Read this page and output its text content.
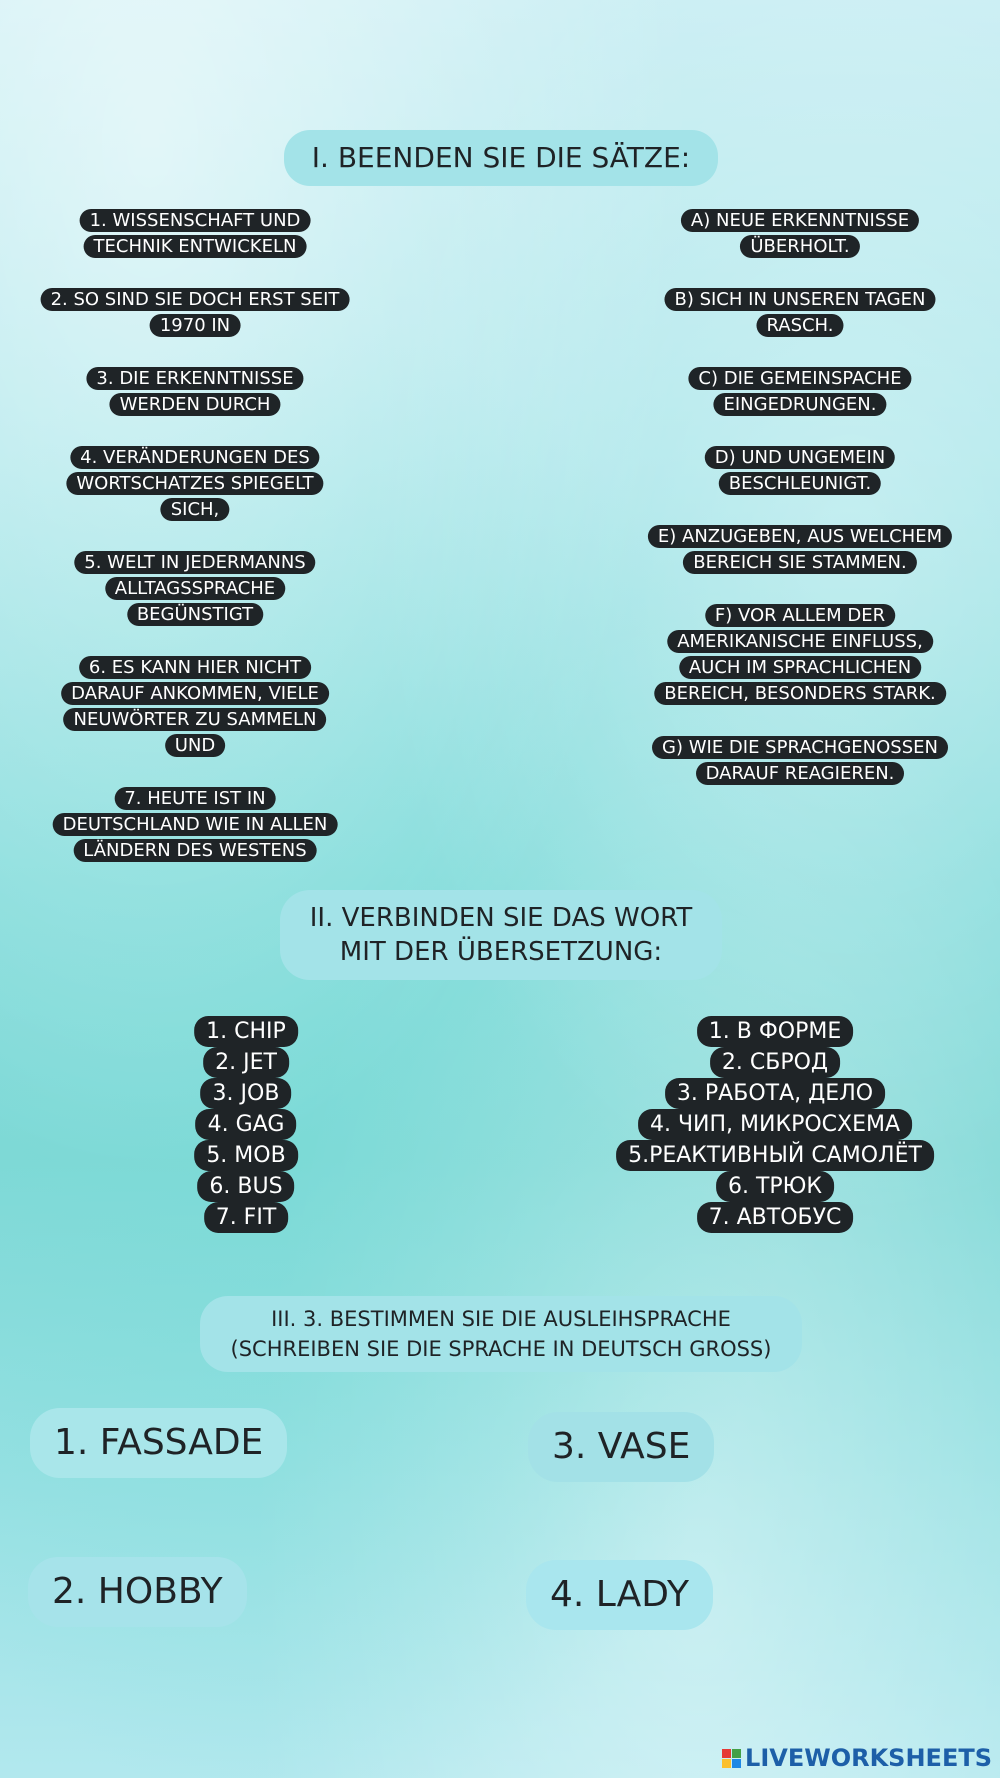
I. BEENDEN SIE DIE SÄTZE:
1. WISSENSCHAFT UND
TECHNIK ENTWICKELN
2. SO SIND SIE DOCH ERST SEIT
1970 IN
3. DIE ERKENNTNISSE
WERDEN DURCH
4. VERÄNDERUNGEN DES
WORTSCHATZES SPIEGELT
SICH,
5. WELT IN JEDERMANNS
ALLTAGSSPRACHE
BEGÜNSTIGT
6. ES KANN HIER NICHT
DARAUF ANKOMMEN, VIELE
NEUWÖRTER ZU SAMMELN
UND
7. HEUTE IST IN
DEUTSCHLAND WIE IN ALLEN
LÄNDERN DES WESTENS
A) NEUE ERKENNTNISSE
ÜBERHOLT.
B) SICH IN UNSEREN TAGEN
RASCH.
C) DIE GEMEINSPACHE
EINGEDRUNGEN.
D) UND UNGEMEIN
BESCHLEUNIGT.
E) ANZUGEBEN, AUS WELCHEM
BEREICH SIE STAMMEN.
F) VOR ALLEM DER
AMERIKANISCHE EINFLUSS,
AUCH IM SPRACHLICHEN
BEREICH, BESONDERS STARK.
G) WIE DIE SPRACHGENOSSEN
DARAUF REAGIEREN.
II. VERBINDEN SIE DAS WORT
MIT DER ÜBERSETZUNG:
1. CHIP
2. JET
3. JOB
4. GAG
5. MOB
6. BUS
7. FIT
1. В ФОРМЕ
2. СБРОД
3. РАБОТА, ДЕЛО
4. ЧИП, МИКРОСХЕМА
5.РЕАКТИВНЫЙ САМОЛЁТ
6. ТРЮК
7. АВТОБУС
III. 3. BESTIMMEN SIE DIE AUSLEIHSPRACHE
(SCHREIBEN SIE DIE SPRACHE IN DEUTSCH GROSS)
1. FASSADE
2. HOBBY
3. VASE
4. LADY
LIVEWORKSHEETS
